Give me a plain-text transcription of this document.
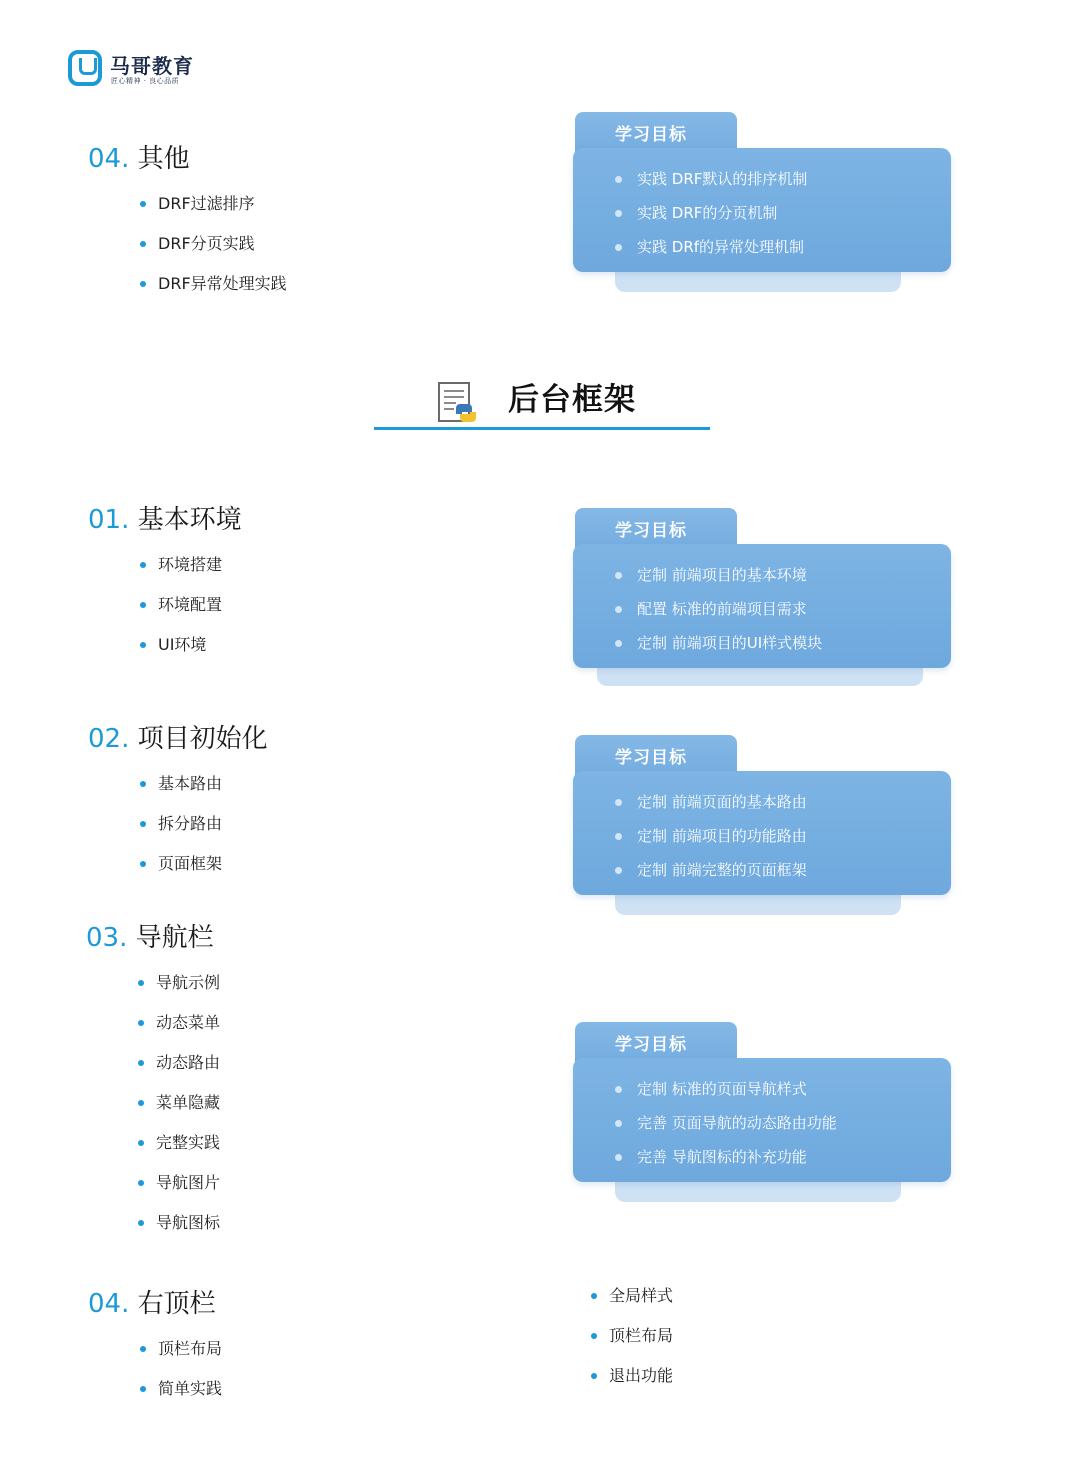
马哥教育
匠心精神 · 良心品质
04. 其他
DRF过滤排序
DRF分页实践
DRF异常处理实践
学习目标
实践 DRF默认的排序机制
实践 DRF的分页机制
实践 DRf的异常处理机制
后台框架
01. 基本环境
环境搭建
环境配置
UI环境
学习目标
定制 前端项目的基本环境
配置 标准的前端项目需求
定制 前端项目的UI样式模块
02. 项目初始化
基本路由
拆分路由
页面框架
学习目标
定制 前端页面的基本路由
定制 前端项目的功能路由
定制 前端完整的页面框架
03. 导航栏
导航示例
动态菜单
动态路由
菜单隐藏
完整实践
导航图片
导航图标
学习目标
定制 标准的页面导航样式
完善 页面导航的动态路由功能
完善 导航图标的补充功能
04. 右顶栏
顶栏布局
简单实践
全局样式
顶栏布局
退出功能
